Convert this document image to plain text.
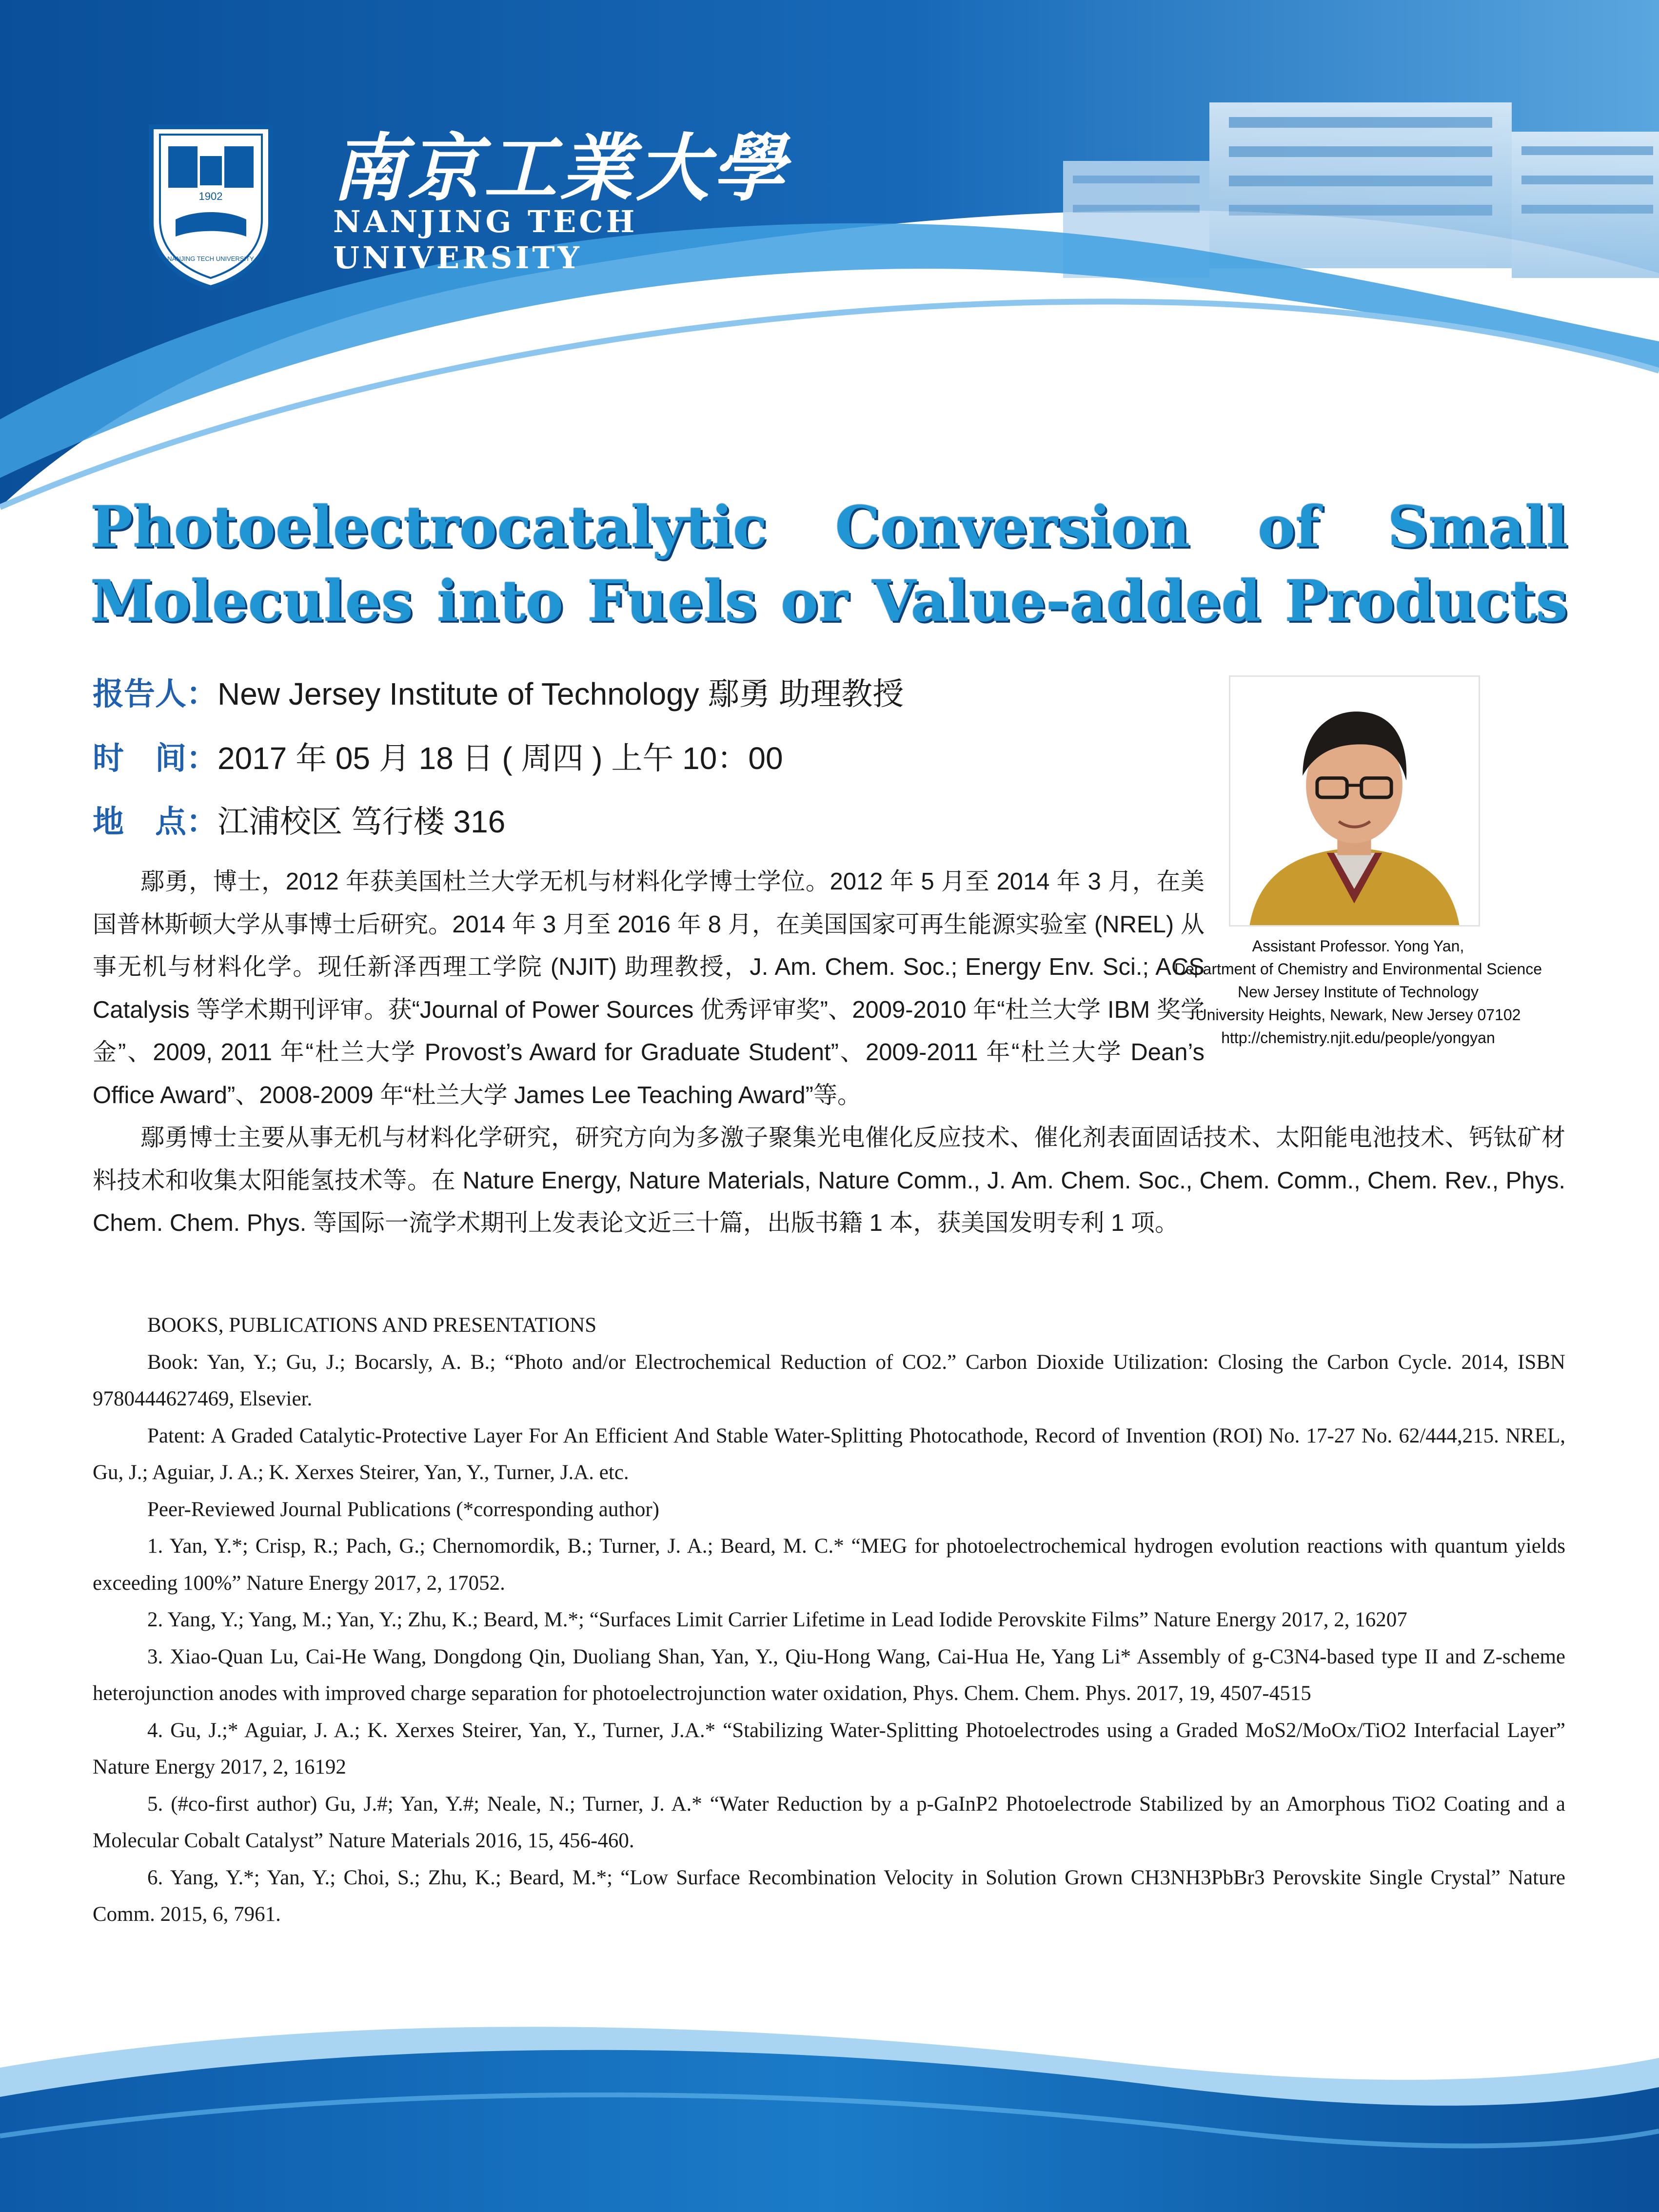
1902
NANJING TECH UNIVERSITY
南京工業大學
NANJING TECH
UNIVERSITY
Photoelectrocatalytic Conversion of Small
Molecules into Fuels or Value-added Products
报告人：New Jersey Institute of Technology 鄢勇 助理教授
时　间：2017 年 05 月 18 日 ( 周四 ) 上午 10：00
地　点：江浦校区 笃行楼 316
Assistant Professor. Yong Yan,
Department of Chemistry and Environmental Science
New Jersey Institute of Technology
University Heights, Newark, New Jersey 07102
http://chemistry.njit.edu/people/yongyan

鄢勇，博士，2012 年获美国杜兰大学无机与材料化学博士学位。2012 年 5 月至 2014 年 3 月，在美国普林斯顿大学从事博士后研究。2014 年 3 月至 2016 年 8 月，在美国国家可再生能源实验室 (NREL) 从事无机与材料化学。现任新泽西理工学院 (NJIT) 助理教授，J. Am. Chem. Soc.; Energy Env. Sci.; ACS Catalysis 等学术期刊评审。获“Journal of Power Sources 优秀评审奖”、2009-2010 年“杜兰大学 IBM 奖学金”、2009, 2011 年“杜兰大学 Provost’s Award for Graduate Student”、2009-2011 年“杜兰大学 Dean’s Office Award”、2008-2009 年“杜兰大学 James Lee Teaching Award”等。

鄢勇博士主要从事无机与材料化学研究，研究方向为多激子聚集光电催化反应技术、催化剂表面固话技术、太阳能电池技术、钙钛矿材料技术和收集太阳能氢技术等。在 Nature Energy, Nature Materials, Nature Comm., J. Am. Chem. Soc., Chem. Comm., Chem. Rev., Phys. Chem. Chem. Phys. 等国际一流学术期刊上发表论文近三十篇，出版书籍 1 本，获美国发明专利 1 项。

BOOKS, PUBLICATIONS AND PRESENTATIONS

Book: Yan, Y.; Gu, J.; Bocarsly, A. B.; “Photo and/or Electrochemical Reduction of CO2.” Carbon Dioxide Utilization: Closing the Carbon Cycle. 2014, ISBN 9780444627469, Elsevier.

Patent: A Graded Catalytic-Protective Layer For An Efficient And Stable Water-Splitting Photocathode, Record of Invention (ROI) No. 17-27 No. 62/444,215. NREL, Gu, J.; Aguiar, J. A.; K. Xerxes Steirer, Yan, Y., Turner, J.A. etc.

Peer-Reviewed Journal Publications (*corresponding author)

1. Yan, Y.*; Crisp, R.; Pach, G.; Chernomordik, B.; Turner, J. A.; Beard, M. C.* “MEG for photoelectrochemical hydrogen evolution reactions with quantum yields exceeding 100%” Nature Energy 2017, 2, 17052.

2. Yang, Y.; Yang, M.; Yan, Y.; Zhu, K.; Beard, M.*; “Surfaces Limit Carrier Lifetime in Lead Iodide Perovskite Films” Nature Energy 2017, 2, 16207

3. Xiao-Quan Lu, Cai-He Wang, Dongdong Qin, Duoliang Shan, Yan, Y., Qiu-Hong Wang, Cai-Hua He, Yang Li* Assembly of g-C3N4-based type II and Z-scheme heterojunction anodes with improved charge separation for photoelectrojunction water oxidation, Phys. Chem. Chem. Phys. 2017, 19, 4507-4515

4. Gu, J.;* Aguiar, J. A.; K. Xerxes Steirer, Yan, Y., Turner, J.A.* “Stabilizing Water-Splitting Photoelectrodes using a Graded MoS2/MoOx/TiO2 Interfacial Layer” Nature Energy 2017, 2, 16192

5. (#co-first author) Gu, J.#; Yan, Y.#; Neale, N.; Turner, J. A.* “Water Reduction by a p-GaInP2 Photoelectrode Stabilized by an Amorphous TiO2 Coating and a Molecular Cobalt Catalyst” Nature Materials 2016, 15, 456-460.

6. Yang, Y.*; Yan, Y.; Choi, S.; Zhu, K.; Beard, M.*; “Low Surface Recombination Velocity in Solution Grown CH3NH3PbBr3 Perovskite Single Crystal” Nature Comm. 2015, 6, 7961.
